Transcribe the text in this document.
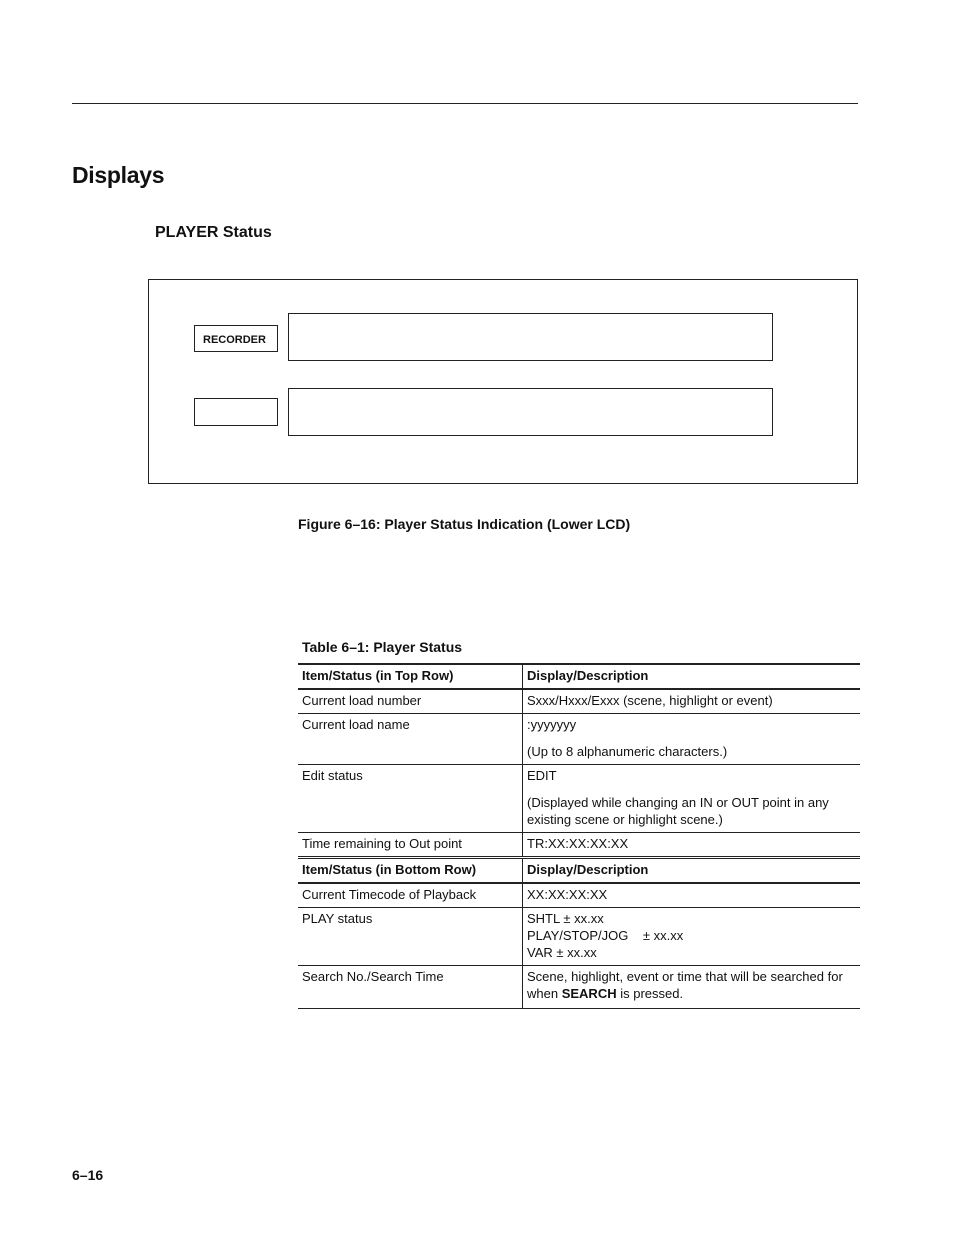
Displays
PLAYER Status
RECORDER
Figure 6–16: Player Status Indication (Lower LCD)
Table 6–1: Player Status
Item/Status (in Top Row)	Display/Description
Current load number	Sxxx/Hxxx/Exxx (scene, highlight or event)
Current load name	:yyyyyyy
(Up to 8 alphanumeric characters.)

Edit status	EDIT
(Displayed while changing an IN or OUT point in any existing scene or highlight scene.)

Time remaining to Out point	TR:XX:XX:XX:XX
Item/Status (in Bottom Row)	Display/Description
Current Timecode of Playback	XX:XX:XX:XX
PLAY status	SHTL ± xx.xx
PLAY/STOP/JOG    ± xx.xx
VAR ± xx.xx

Search No./Search Time	Scene, highlight, event or time that will be searched for when SEARCH is pressed.
6–16
